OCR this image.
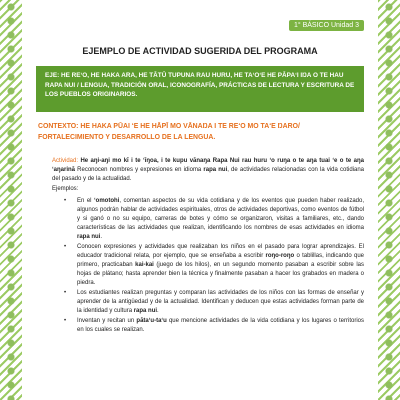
1° BÁSICO Unidad 3
EJEMPLO DE ACTIVIDAD SUGERIDA DEL PROGRAMA
EJE: HE REʻO, HE HAKA ARA, HE TĀTŪ TUPUNA RAU HURU, HE TAʻOʻE HE PĀPAʻI IŊA O TE HAU RAPA NUI / LENGUA, TRADICIÓN ORAL, ICONOGRAFÍA, PRÁCTICAS DE LECTURA Y ESCRITURA DE LOS PUEBLOS ORIGINARIOS.
CONTEXTO: HE HAKA PŪAI ʻE HE HĀPĪ MO VĀNAŊA I TE REʻO MO TAʻE ŊARO/ FORTALECIMIENTO Y DESARROLLO DE LA LENGUA.
Actividad: He aŋi-aŋi mo kī i te ʻīŋoa, i te kupu vānaŋa Rapa Nui rau huru ʻo ruŋa o te aŋa tuai ʻe o te aŋa ʻaŋarinā Reconocen nombres y expresiones en idioma rapa nui, de actividades relacionadas con la vida cotidiana del pasado y de la actualidad.
Ejemplos:
• En el ʻomotohi, comentan aspectos de su vida cotidiana y de los eventos que pueden haber realizado, algunos podrán hablar de actividades espirituales, otros de actividades deportivas, como eventos de fútbol y si ganó o no su equipo, carreras de botes y cómo se organizaron, visitas a familiares, etc., dando características de las actividades que realizan, identificando los nombres de esas actividades en idioma rapa nui.
• Conocen expresiones y actividades que realizaban los niños en el pasado para lograr aprendizajes. El educador tradicional relata, por ejemplo, que se enseñaba a escribir roŋo-roŋo o tablillas, indicando que primero, practicaban kai-kai (juego de los hilos), en un segundo momento pasaban a escribir sobre las hojas de plátano; hasta aprender bien la técnica y finalmente pasaban a hacer los grabados en madera o piedra.
• Los estudiantes realizan preguntas y comparan las actividades de los niños con las formas de enseñar y aprender de la antigüedad y de la actualidad. Identifican y deducen que estas actividades forman parte de la identidad y cultura rapa nui.
• Inventan y recitan un pātaʻu-taʻu que mencione actividades de la vida cotidiana y los lugares o territorios en los cuales se realizan.
